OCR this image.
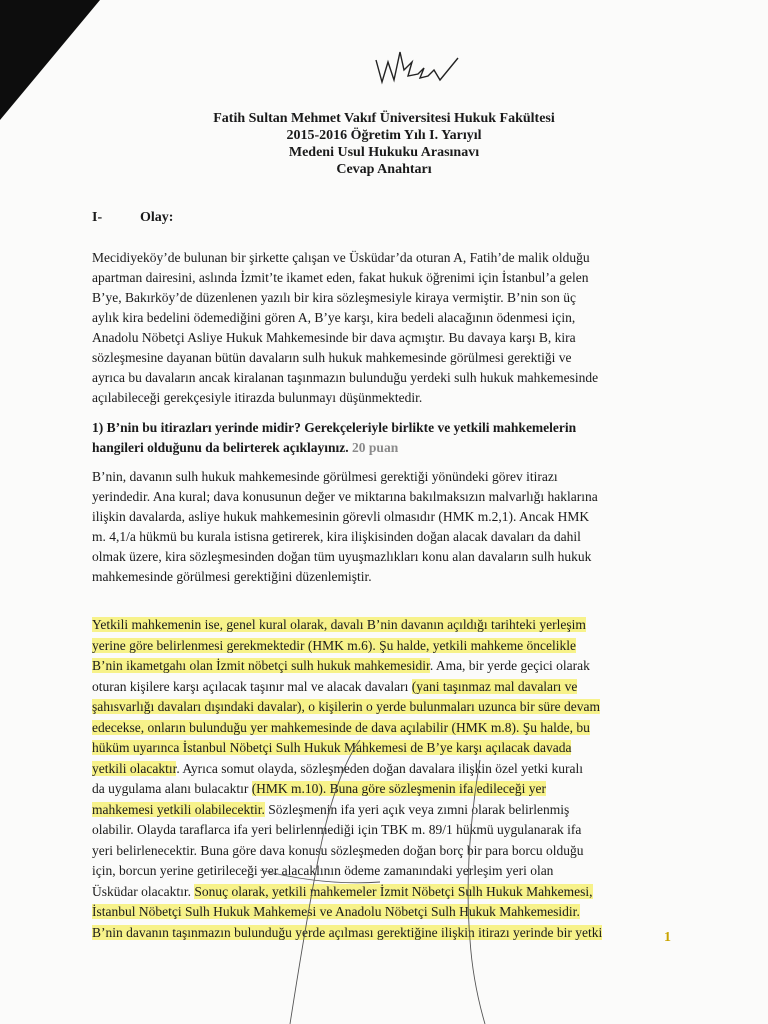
Fatih Sultan Mehmet Vakıf Üniversitesi Hukuk Fakültesi
2015-2016 Öğretim Yılı I. Yarıyıl
Medeni Usul Hukuku Arasınavı
Cevap Anahtarı
I-	Olay:
Mecidiyeköy’de bulunan bir şirkette çalışan ve Üsküdar’da oturan A, Fatih’de malik olduğu
apartman dairesini, aslında İzmit’te ikamet eden, fakat hukuk öğrenimi için İstanbul’a gelen
B’ye, Bakırköy’de düzenlenen yazılı bir kira sözleşmesiyle kiraya vermiştir. B’nin son üç
aylık kira bedelini ödemediğini gören A, B’ye karşı, kira bedeli alacağının ödenmesi için,
Anadolu Nöbetçi Asliye Hukuk Mahkemesinde bir dava açmıştır. Bu davaya karşı B, kira
sözleşmesine dayanan bütün davaların sulh hukuk mahkemesinde görülmesi gerektiği ve
ayrıca bu davaların ancak kiralanan taşınmazın bulunduğu yerdeki sulh hukuk mahkemesinde
açılabileceği gerekçesiyle itirazda bulunmayı düşünmektedir.
1) B’nin bu itirazları yerinde midir? Gerekçeleriyle birlikte ve yetkili mahkemelerin
hangileri olduğunu da belirterek açıklayınız. 20 puan
B’nin, davanın sulh hukuk mahkemesinde görülmesi gerektiği yönündeki görev itirazı
yerindedir. Ana kural; dava konusunun değer ve miktarına bakılmaksızın malvarlığı haklarına
ilişkin davalarda, asliye hukuk mahkemesinin görevli olmasıdır (HMK m.2,1). Ancak HMK
m. 4,1/a hükmü bu kurala istisna getirerek, kira ilişkisinden doğan alacak davaları da dahil
olmak üzere, kira sözleşmesinden doğan tüm uyuşmazlıkları konu alan davaların sulh hukuk
mahkemesinde görülmesi gerektiğini düzenlemiştir.
Yetkili mahkemenin ise, genel kural olarak, davalı B’nin davanın açıldığı tarihteki yerleşim
yerine göre belirlenmesi gerekmektedir (HMK m.6). Şu halde, yetkili mahkeme öncelikle
B’nin ikametgahı olan İzmit nöbetçi sulh hukuk mahkemesidir. Ama, bir yerde geçici olarak
oturan kişilere karşı açılacak taşınır mal ve alacak davaları (yani taşınmaz mal davaları ve
şahısvarlığı davaları dışındaki davalar), o kişilerin o yerde bulunmaları uzunca bir süre devam
edecekse, onların bulunduğu yer mahkemesinde de dava açılabilir (HMK m.8). Şu halde, bu
hüküm uyarınca İstanbul Nöbetçi Sulh Hukuk Mahkemesi de B’ye karşı açılacak davada
yetkili olacaktır. Ayrıca somut olayda, sözleşmeden doğan davalara ilişkin özel yetki kuralı
da uygulama alanı bulacaktır (HMK m.10). Buna göre sözleşmenin ifa edileceği yer
mahkemesi yetkili olabilecektir. Sözleşmenin ifa yeri açık veya zımni olarak belirlenmiş
olabilir. Olayda taraflarca ifa yeri belirlenmediği için TBK m. 89/1 hükmü uygulanarak ifa
yeri belirlenecektir. Buna göre dava konusu sözleşmeden doğan borç bir para borcu olduğu
için, borcun yerine getirileceği yer alacaklının ödeme zamanındaki yerleşim yeri olan
Üsküdar olacaktır. Sonuç olarak, yetkili mahkemeler İzmit Nöbetçi Sulh Hukuk Mahkemesi,
İstanbul Nöbetçi Sulh Hukuk Mahkemesi ve Anadolu Nöbetçi Sulh Hukuk Mahkemesidir.
B’nin davanın taşınmazın bulunduğu yerde açılması gerektiğine ilişkin itirazı yerinde bir yetki	1
